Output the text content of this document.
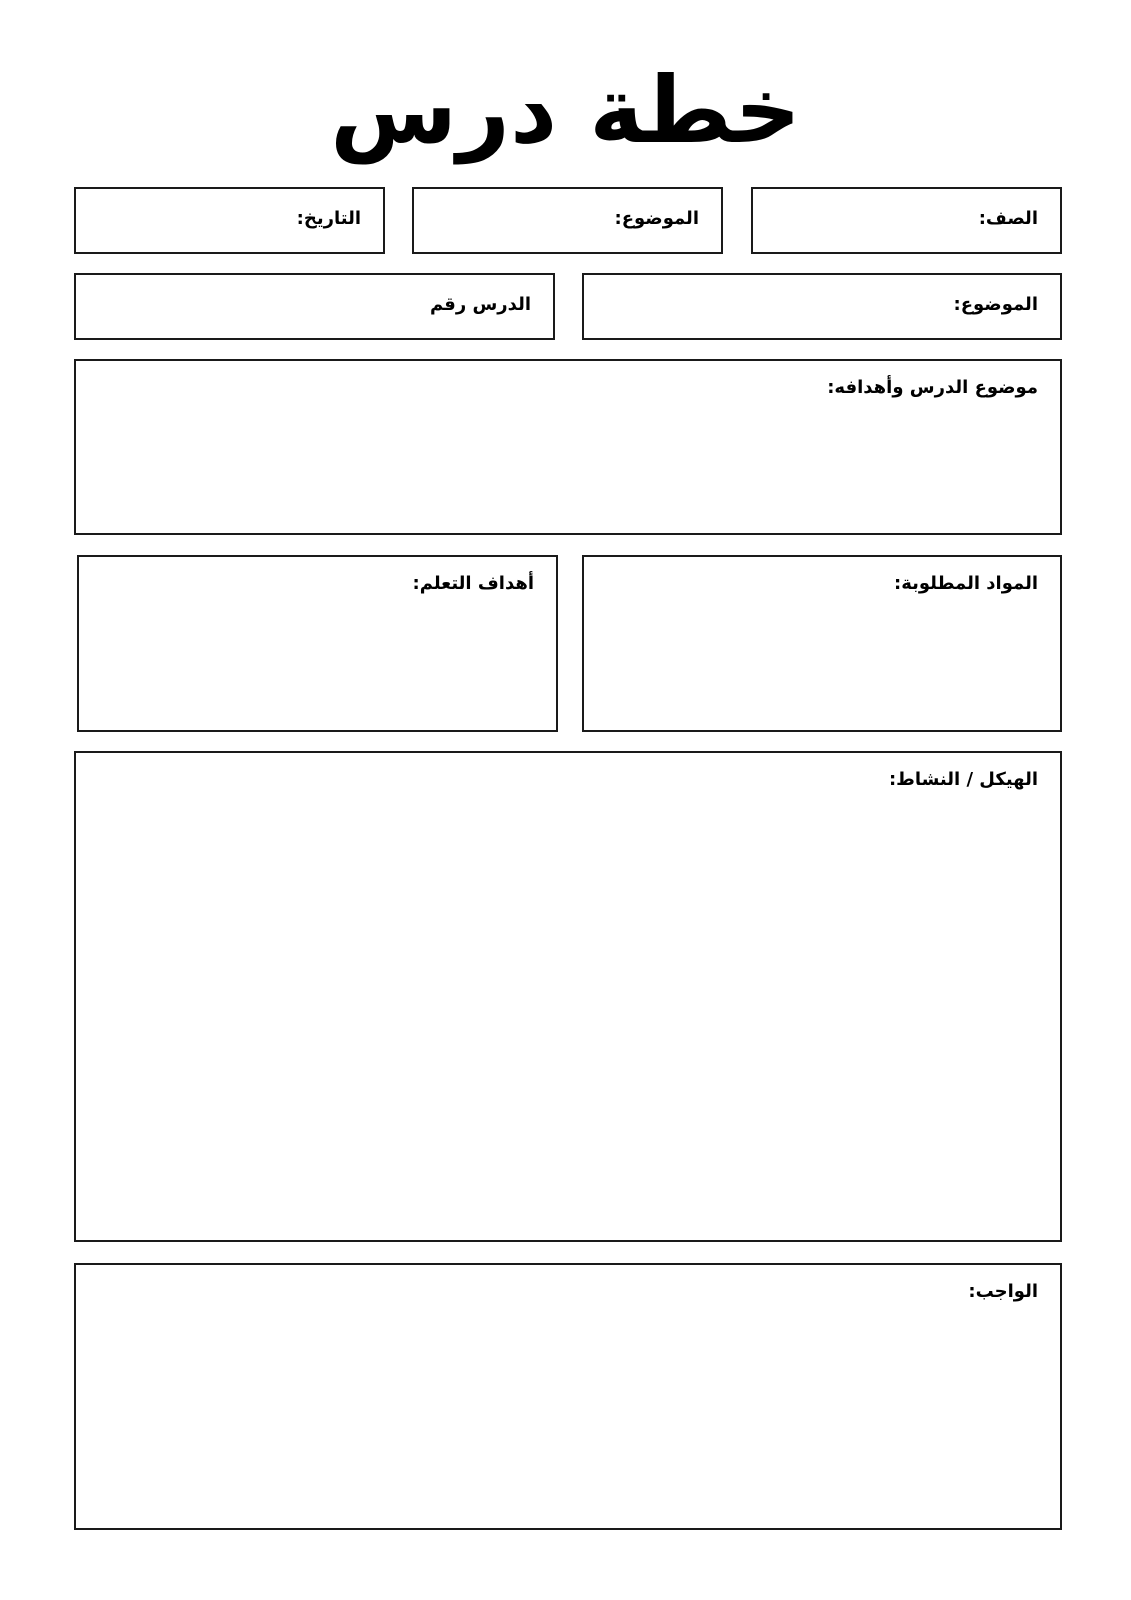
خطة درس
الصف:
الموضوع:
التاريخ:
الموضوع:
الدرس رقم
موضوع الدرس وأهدافه:
المواد المطلوبة:
أهداف التعلم:
الهيكل / النشاط:
الواجب:
